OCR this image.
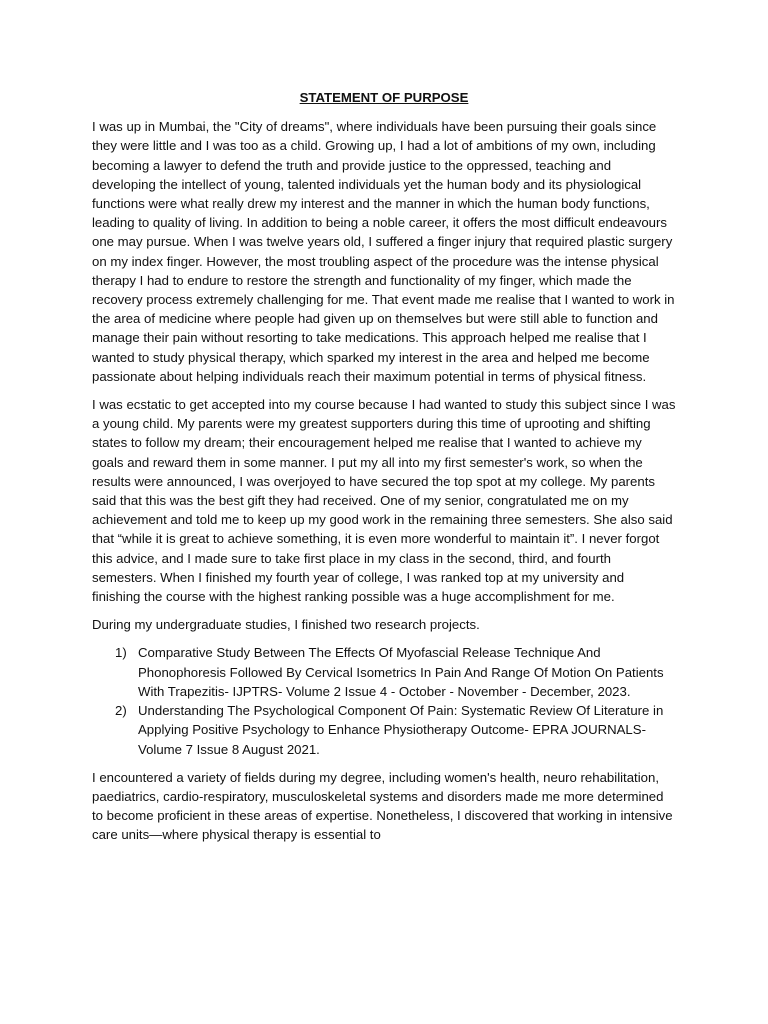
STATEMENT OF PURPOSE

I was up in Mumbai, the "City of dreams", where individuals have been pursuing their goals since they were little and I was too as a child. Growing up, I had a lot of ambitions of my own, including becoming a lawyer to defend the truth and provide justice to the oppressed, teaching and developing the intellect of young, talented individuals yet the human body and its physiological functions were what really drew my interest and the manner in which the human body functions, leading to quality of living. In addition to being a noble career, it offers the most difficult endeavours one may pursue. When I was twelve years old, I suffered a finger injury that required plastic surgery on my index finger. However, the most troubling aspect of the procedure was the intense physical therapy I had to endure to restore the strength and functionality of my finger, which made the recovery process extremely challenging for me. That event made me realise that I wanted to work in the area of medicine where people had given up on themselves but were still able to function and manage their pain without resorting to take medications. This approach helped me realise that I wanted to study physical therapy, which sparked my interest in the area and helped me become passionate about helping individuals reach their maximum potential in terms of physical fitness.

I was ecstatic to get accepted into my course because I had wanted to study this subject since I was a young child. My parents were my greatest supporters during this time of uprooting and shifting states to follow my dream; their encouragement helped me realise that I wanted to achieve my goals and reward them in some manner. I put my all into my first semester's work, so when the results were announced, I was overjoyed to have secured the top spot at my college. My parents said that this was the best gift they had received. One of my senior, congratulated me on my achievement and told me to keep up my good work in the remaining three semesters. She also said that “while it is great to achieve something, it is even more wonderful to maintain it”. I never forgot this advice, and I made sure to take first place in my class in the second, third, and fourth semesters. When I finished my fourth year of college, I was ranked top at my university and finishing the course with the highest ranking possible was a huge accomplishment for me.

During my undergraduate studies, I finished two research projects.

1) Comparative Study Between The Effects Of Myofascial Release Technique And Phonophoresis Followed By Cervical Isometrics In Pain And Range Of Motion On Patients With Trapezitis- IJPTRS- Volume 2 Issue 4 - October - November - December, 2023.
2) Understanding The Psychological Component Of Pain: Systematic Review Of Literature in Applying Positive Psychology to Enhance Physiotherapy Outcome- EPRA JOURNALS- Volume 7 Issue 8 August 2021.

I encountered a variety of fields during my degree, including women's health, neuro rehabilitation, paediatrics, cardio-respiratory, musculoskeletal systems and disorders made me more determined to become proficient in these areas of expertise. Nonetheless, I discovered that working in intensive care units—where physical therapy is essential to
